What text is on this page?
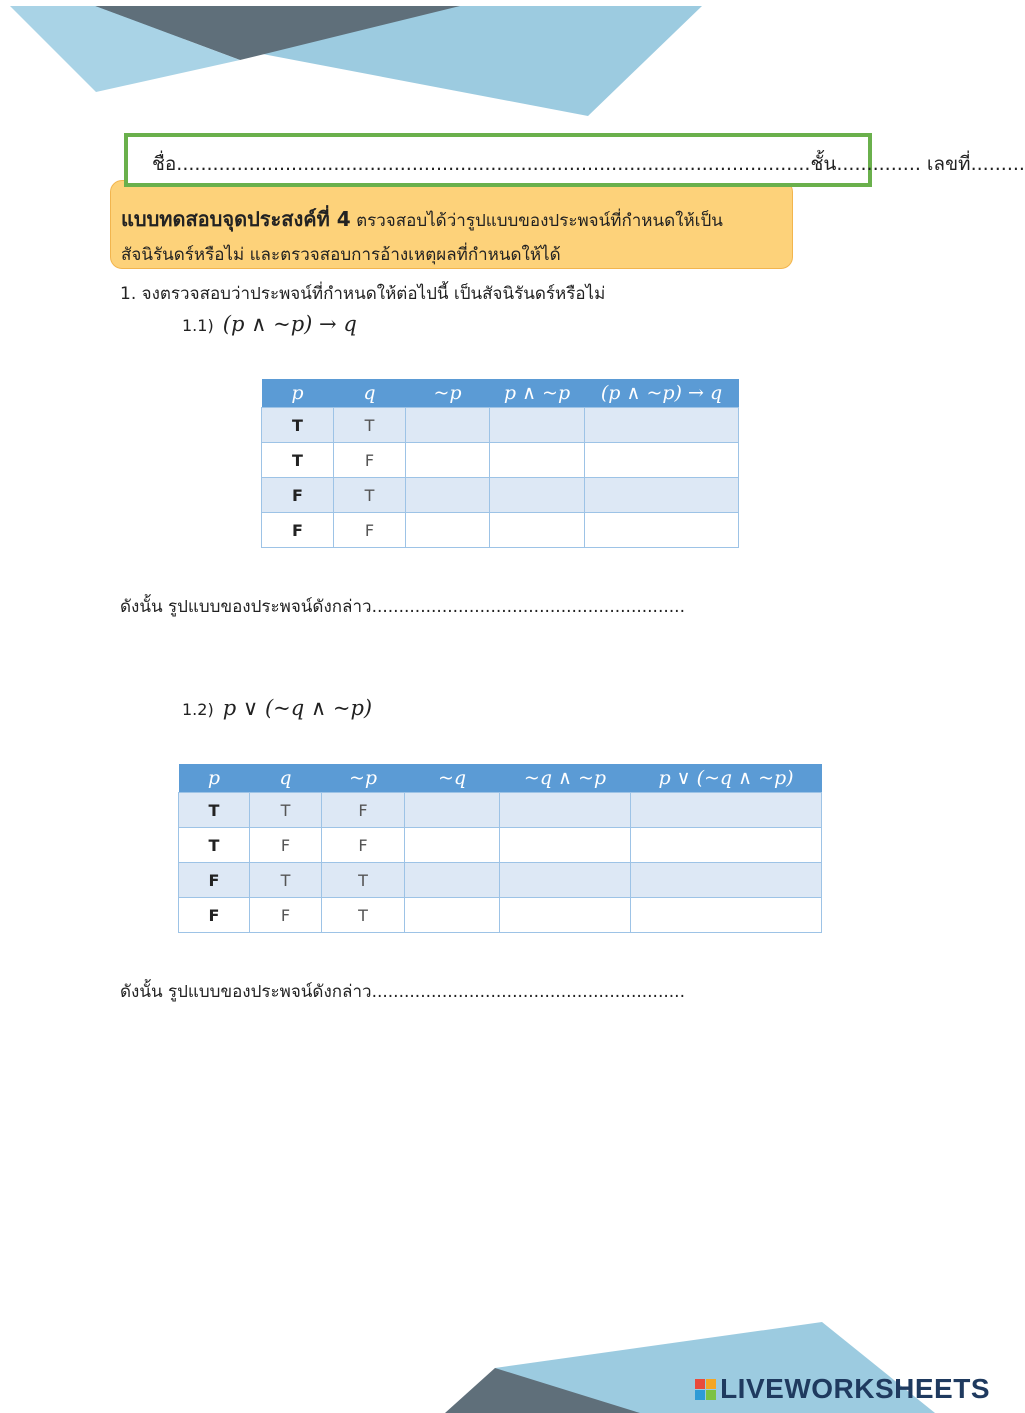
ชื่อ.........................................................................................................ชั้น.............. เลขที่.........
แบบทดสอบจุดประสงค์ที่ 4 ตรวจสอบได้ว่ารูปแบบของประพจน์ที่กำหนดให้เป็น
สัจนิรันดร์หรือไม่ และตรวจสอบการอ้างเหตุผลที่กำหนดให้ได้
1. จงตรวจสอบว่าประพจน์ที่กำหนดให้ต่อไปนี้ เป็นสัจนิรันดร์หรือไม่
1.1) (p ∧ ~p) → q
p	q	~p	p ∧ ~p	(p ∧ ~p) → q
T	T			
T	F			
F	T			
F	F			
ดังนั้น รูปแบบของประพจน์ดังกล่าว..........................................................
1.2) p ∨ (~q ∧ ~p)
p	q	~p	~q	~q ∧ ~p	p ∨ (~q ∧ ~p)
T	T	F			
T	F	F			
F	T	T			
F	F	T			
ดังนั้น รูปแบบของประพจน์ดังกล่าว..........................................................
LIVEWORKSHEETS
